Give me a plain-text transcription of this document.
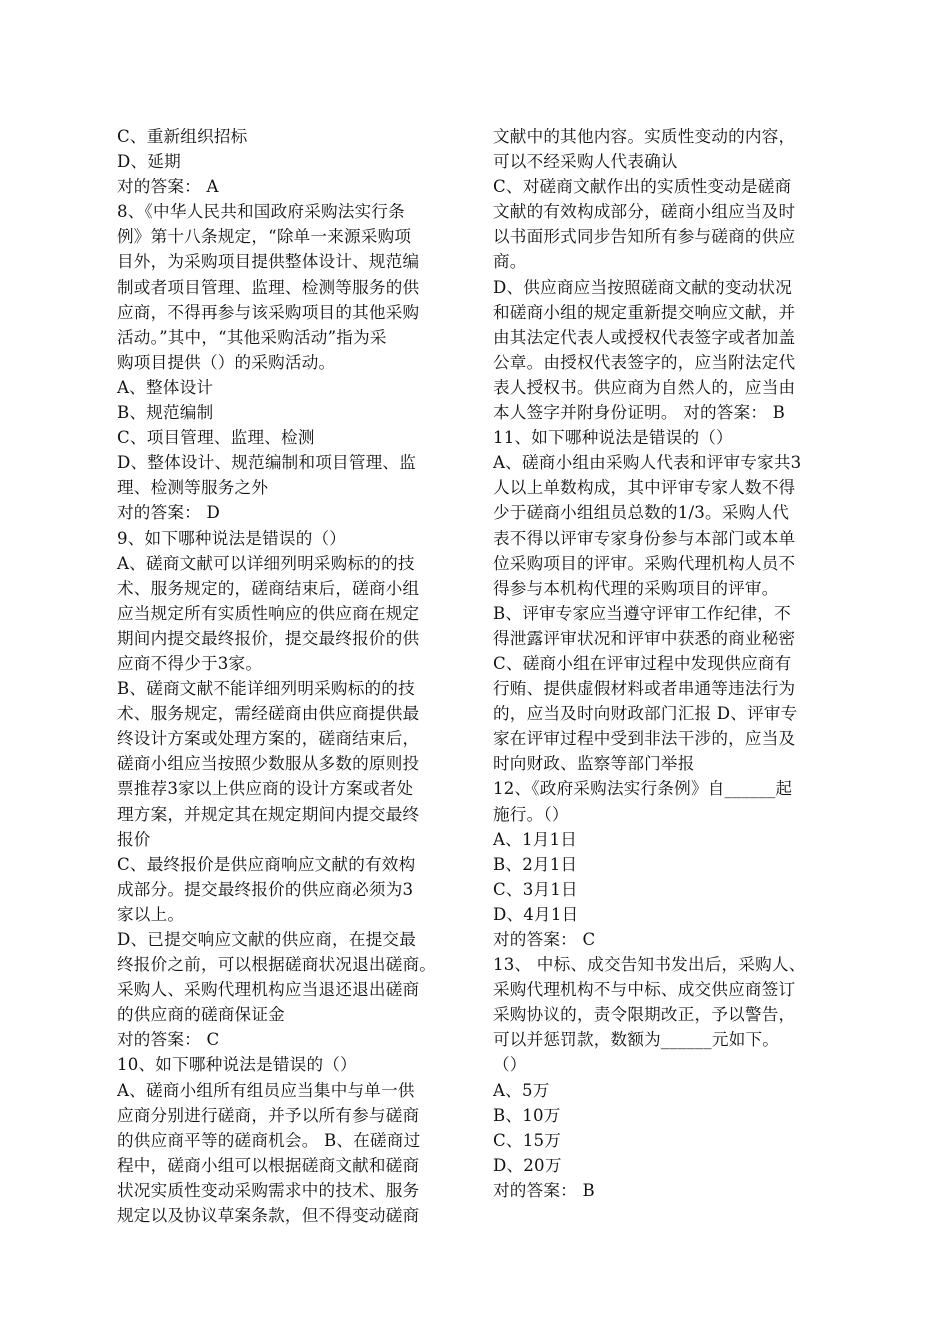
C、重新组织招标
D、延期
对的答案： A
8、《中华人民共和国政府采购法实行条
例》第十八条规定，“除单一来源采购项
目外，为采购项目提供整体设计、规范编
制或者项目管理、监理、检测等服务的供
应商，不得再参与该采购项目的其他采购
活动。”其中，“其他采购活动”指为采
购项目提供（）的采购活动。
A、整体设计
B、规范编制
C、项目管理、监理、检测
D、整体设计、规范编制和项目管理、监
理、检测等服务之外
对的答案： D
9、如下哪种说法是错误的（）
A、磋商文献可以详细列明采购标的的技
术、服务规定的，磋商结束后，磋商小组
应当规定所有实质性响应的供应商在规定
期间内提交最终报价，提交最终报价的供
应商不得少于3家。
B、磋商文献不能详细列明采购标的的技
术、服务规定，需经磋商由供应商提供最
终设计方案或处理方案的，磋商结束后，
磋商小组应当按照少数服从多数的原则投
票推荐3家以上供应商的设计方案或者处
理方案，并规定其在规定期间内提交最终
报价
C、最终报价是供应商响应文献的有效构
成部分。提交最终报价的供应商必须为3
家以上。
D、已提交响应文献的供应商，在提交最
终报价之前，可以根据磋商状况退出磋商。
采购人、采购代理机构应当退还退出磋商
的供应商的磋商保证金
对的答案： C
10、如下哪种说法是错误的（）
A、磋商小组所有组员应当集中与单一供
应商分别进行磋商，并予以所有参与磋商
的供应商平等的磋商机会。 B、在磋商过
程中，磋商小组可以根据磋商文献和磋商
状况实质性变动采购需求中的技术、服务
规定以及协议草案条款，但不得变动磋商
文献中的其他内容。实质性变动的内容，
可以不经采购人代表确认
C、对磋商文献作出的实质性变动是磋商
文献的有效构成部分，磋商小组应当及时
以书面形式同步告知所有参与磋商的供应
商。
D、供应商应当按照磋商文献的变动状况
和磋商小组的规定重新提交响应文献，并
由其法定代表人或授权代表签字或者加盖
公章。由授权代表签字的，应当附法定代
表人授权书。供应商为自然人的，应当由
本人签字并附身份证明。 对的答案： B
11、如下哪种说法是错误的（）
A、磋商小组由采购人代表和评审专家共3
人以上单数构成，其中评审专家人数不得
少于磋商小组组员总数的1/3。采购人代
表不得以评审专家身份参与本部门或本单
位采购项目的评审。采购代理机构人员不
得参与本机构代理的采购项目的评审。
B、评审专家应当遵守评审工作纪律，不
得泄露评审状况和评审中获悉的商业秘密
C、磋商小组在评审过程中发现供应商有
行贿、提供虚假材料或者串通等违法行为
的，应当及时向财政部门汇报 D、评审专
家在评审过程中受到非法干涉的，应当及
时向财政、监察等部门举报
12、《政府采购法实行条例》自______起
施行。（）
A、1月1日
B、2月1日
C、3月1日
D、4月1日
对的答案： C
13、 中标、成交告知书发出后，采购人、
采购代理机构不与中标、成交供应商签订
采购协议的，责令限期改正，予以警告，
可以并惩罚款，数额为______元如下。
（）
A、5万
B、10万
C、15万
D、20万
对的答案： B
